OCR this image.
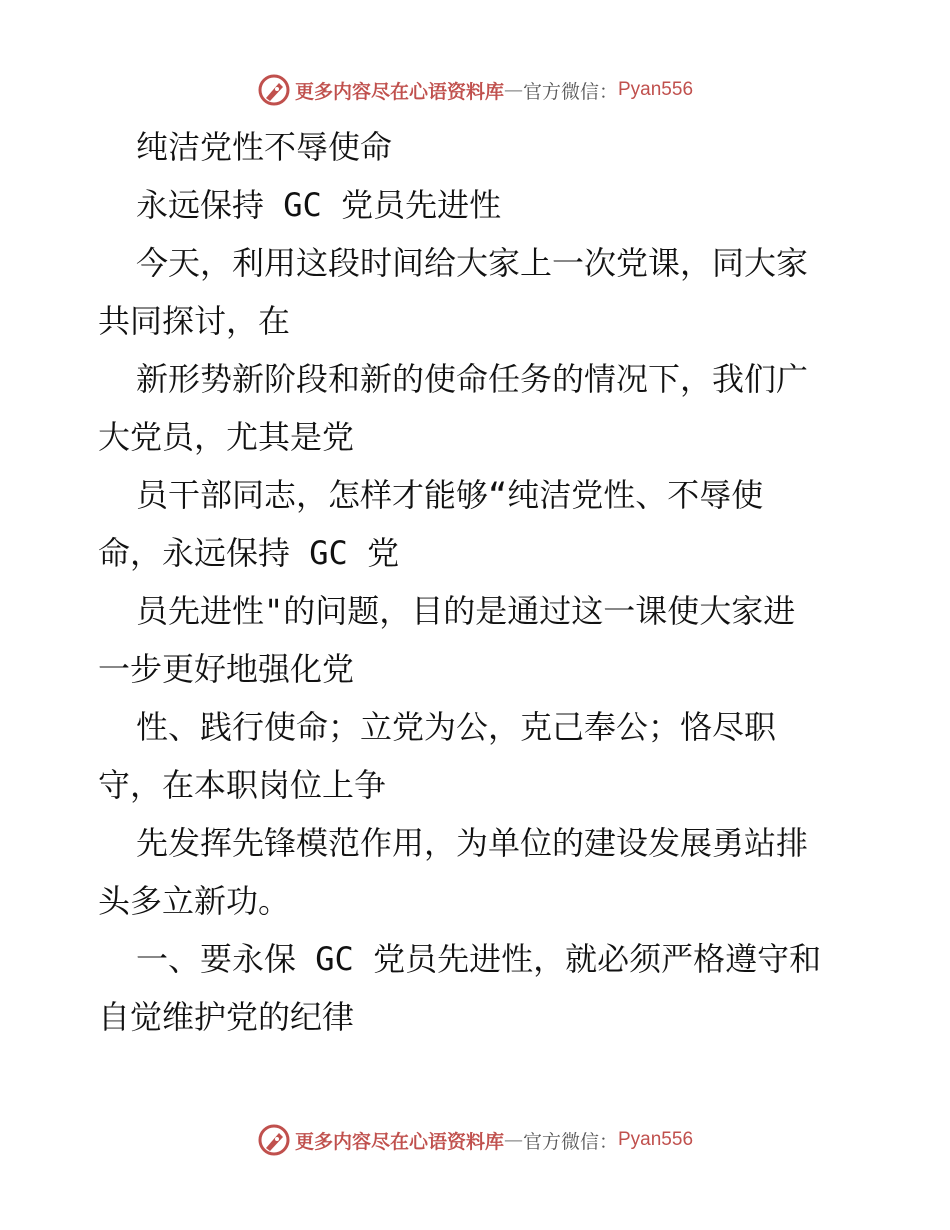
更多内容尽在心语资料库 — 官方微信： Pyan556
纯洁党性不辱使命
永远保持 GC 党员先进性
今天，利用这段时间给大家上一次党课，同大家
共同探讨，在
新形势新阶段和新的使命任务的情况下，我们广
大党员，尤其是党
员干部同志，怎样才能够“纯洁党性、不辱使
命，永远保持 GC 党
员先进性"的问题，目的是通过这一课使大家进
一步更好地强化党
性、践行使命；立党为公，克己奉公；恪尽职
守，在本职岗位上争
先发挥先锋模范作用，为单位的建设发展勇站排
头多立新功。
一、要永保 GC 党员先进性，就必须严格遵守和
自觉维护党的纪律
更多内容尽在心语资料库 — 官方微信： Pyan556
